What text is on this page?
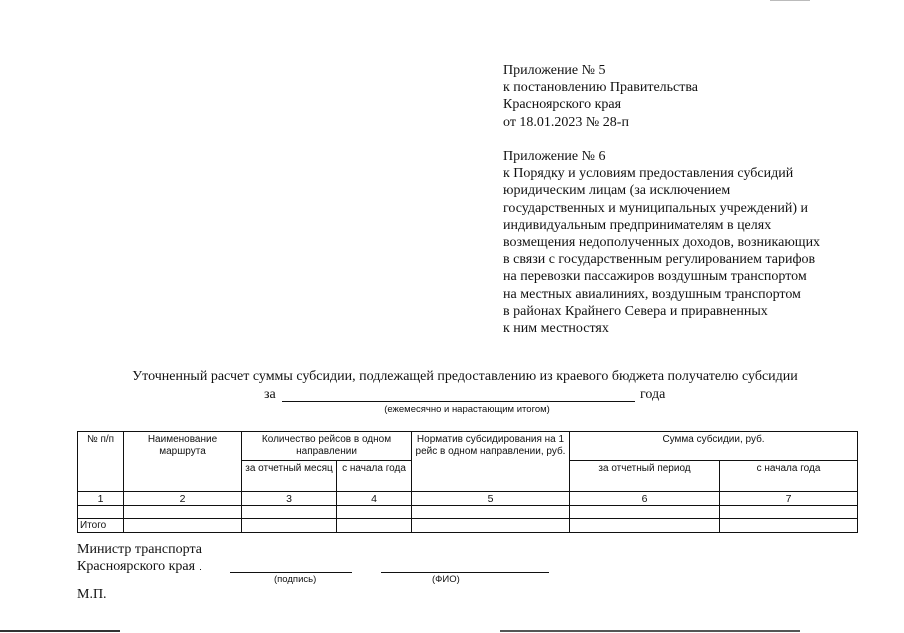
Приложение № 5
к постановлению Правительства
Красноярского края
от 18.01.2023 № 28-п
Приложение № 6
к Порядку и условиям предоставления субсидий
юридическим лицам (за исключением
государственных и муниципальных учреждений) и
индивидуальным предпринимателям в целях
возмещения недополученных доходов, возникающих
в связи с государственным регулированием тарифов
на перевозки пассажиров воздушным транспортом
на местных авиалиниях, воздушным транспортом
в районах Крайнего Севера и приравненных
к ним местностях
Уточненный расчет суммы субсидии, подлежащей предоставлению из краевого бюджета получателю субсидии
за	года
(ежемесячно и нарастающим итогом)
№ п/п	Наименование маршрута	Количество рейсов в одном направлении		Норматив субсидирования на 1 рейс в одном направлении, руб.	Сумма субсидии, руб.	
		за отчетный месяц	с начала года		за отчетный период	с начала года
1	2	3	4	5	6	7

Итого						
Министр транспорта
Красноярского края
(подпись)	(ФИО)
М.П.
